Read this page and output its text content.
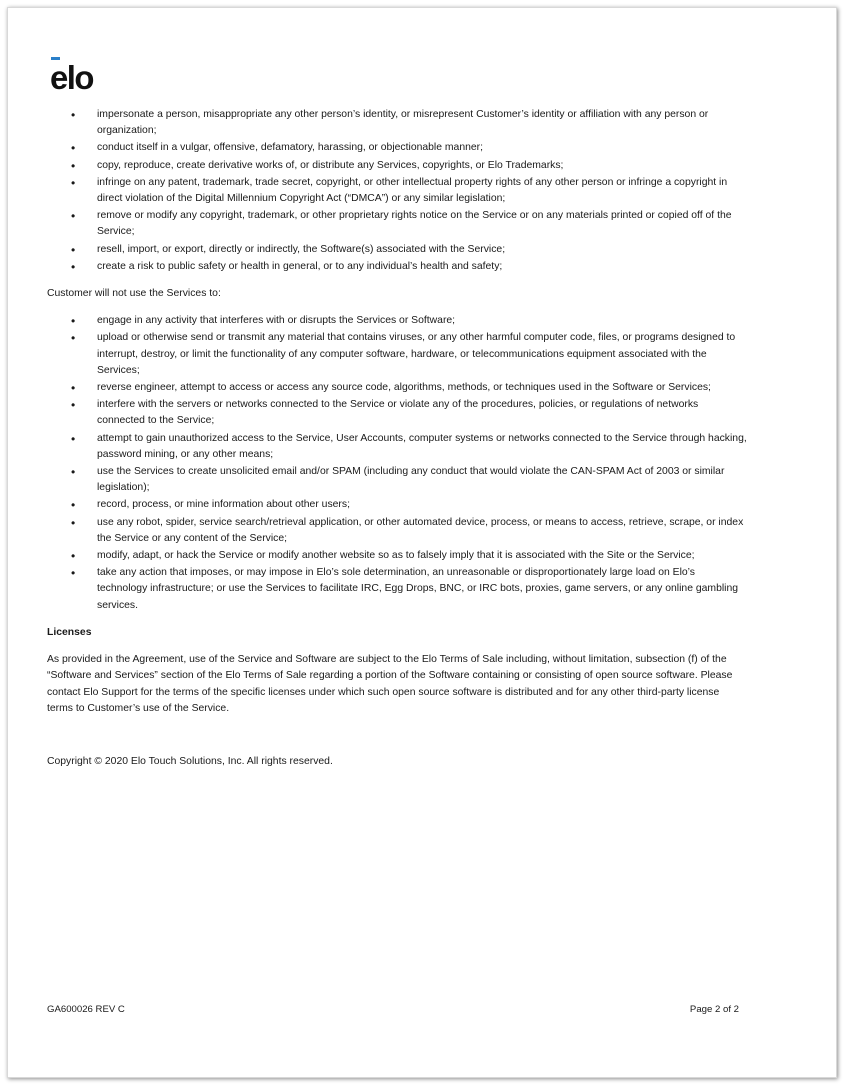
elo
• impersonate a person, misappropriate any other person’s identity, or misrepresent Customer’s identity or affiliation with any person or organization;
• conduct itself in a vulgar, offensive, defamatory, harassing, or objectionable manner;
• copy, reproduce, create derivative works of, or distribute any Services, copyrights, or Elo Trademarks;
• infringe on any patent, trademark, trade secret, copyright, or other intellectual property rights of any other person or infringe a copyright in direct violation of the Digital Millennium Copyright Act (“DMCA”) or any similar legislation;
• remove or modify any copyright, trademark, or other proprietary rights notice on the Service or on any materials printed or copied off of the Service;
• resell, import, or export, directly or indirectly, the Software(s) associated with the Service;
• create a risk to public safety or health in general, or to any individual’s health and safety;

Customer will not use the Services to:

• engage in any activity that interferes with or disrupts the Services or Software;
• upload or otherwise send or transmit any material that contains viruses, or any other harmful computer code, files, or programs designed to interrupt, destroy, or limit the functionality of any computer software, hardware, or telecommunications equipment associated with the Services;
• reverse engineer, attempt to access or access any source code, algorithms, methods, or techniques used in the Software or Services;
• interfere with the servers or networks connected to the Service or violate any of the procedures, policies, or regulations of networks connected to the Service;
• attempt to gain unauthorized access to the Service, User Accounts, computer systems or networks connected to the Service through hacking, password mining, or any other means;
• use the Services to create unsolicited email and/or SPAM (including any conduct that would violate the CAN-SPAM Act of 2003 or similar legislation);
• record, process, or mine information about other users;
• use any robot, spider, service search/retrieval application, or other automated device, process, or means to access, retrieve, scrape, or index the Service or any content of the Service;
• modify, adapt, or hack the Service or modify another website so as to falsely imply that it is associated with the Site or the Service;
• take any action that imposes, or may impose in Elo’s sole determination, an unreasonable or disproportionately large load on Elo’s technology infrastructure; or use the Services to facilitate IRC, Egg Drops, BNC, or IRC bots, proxies, game servers, or any online gambling services.

Licenses

As provided in the Agreement, use of the Service and Software are subject to the Elo Terms of Sale including, without limitation, subsection (f) of the “Software and Services” section of the Elo Terms of Sale regarding a portion of the Software containing or consisting of open source software. Please contact Elo Support for the terms of the specific licenses under which such open source software is distributed and for any other third-party license terms to Customer’s use of the Service.

Copyright © 2020 Elo Touch Solutions, Inc. All rights reserved.

GA600026 REV C	Page 2 of 2
